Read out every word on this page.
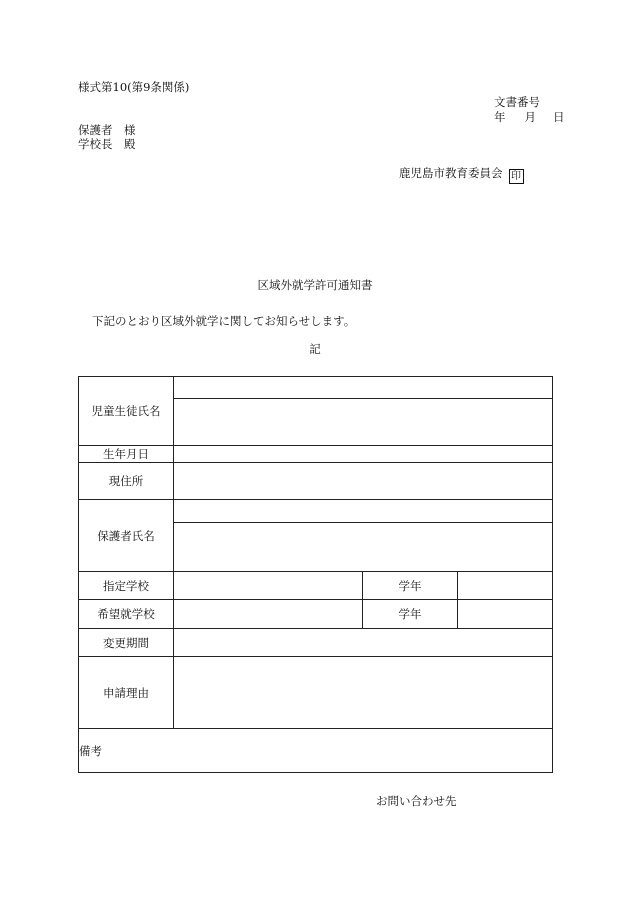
様式第10(第9条関係)
文書番号
年 月 日
保護者　様
学校長　殿
鹿児島市教育委員会 印
区域外就学許可通知書
下記のとおり区域外就学に関してお知らせします。
記
児童生徒氏名			

生年月日			
現住所			
保護者氏名			

指定学校		学年	
希望就学校		学年	
変更期間			
申請理由			
備考			
お問い合わせ先
